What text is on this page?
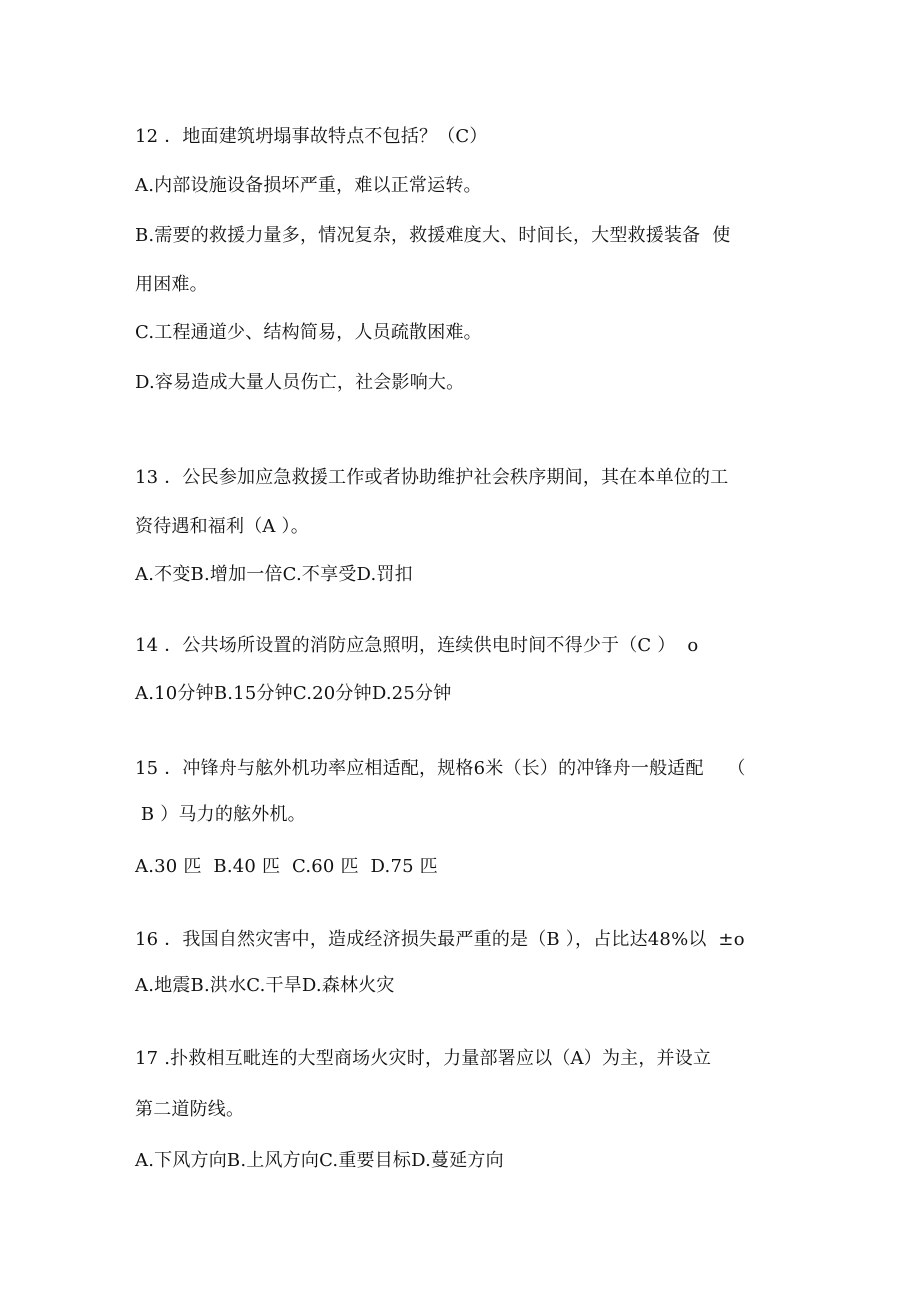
12 ．地面建筑坍塌事故特点不包括？（C）
A.内部设施设备损坏严重，难以正常运转。
B.需要的救援力量多，情况复杂，救援难度大、时间长，大型救援装备  使
用困难。
C.工程通道少、结构简易，人员疏散困难。
D.容易造成大量人员伤亡，社会影响大。
13 ．公民参加应急救援工作或者协助维护社会秩序期间，其在本单位的工
资待遇和福利（A ）。
A.不变B.增加一倍C.不享受D.罚扣
14 ．公共场所设置的消防应急照明，连续供电时间不得少于（C ）  o
A.10分钟B.15分钟C.20分钟D.25分钟
15 ．冲锋舟与舷外机功率应相适配，规格6米（长）的冲锋舟一般适配    （
B ）马力的舷外机。
A.30 匹  B.40 匹  C.60 匹  D.75 匹
16 ．我国自然灾害中，造成经济损失最严重的是（B ），占比达48%以  ±o
A.地震B.洪水C.干旱D.森林火灾
17 .扑救相互毗连的大型商场火灾时，力量部署应以（A）为主，并设立
第二道防线。
A.下风方向B.上风方向C.重要目标D.蔓延方向
